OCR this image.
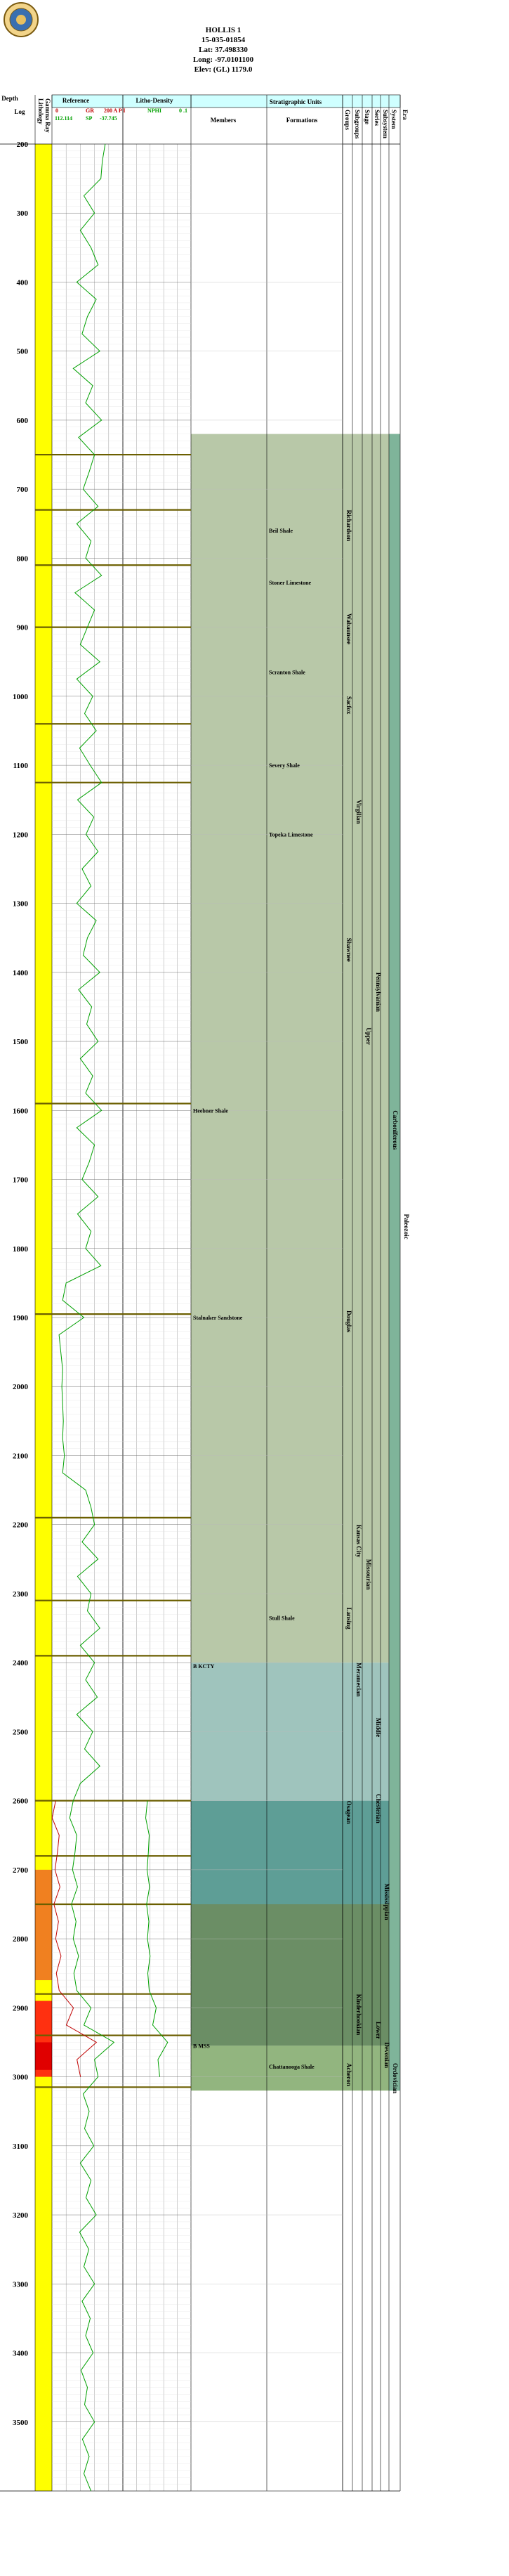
HOLLIS 1
15-035-01854
Lat: 37.498330
Long: -97.0101100
Elev: (GL) 1179.0
Depth
Log
Reference	Litho-Density	Stratigraphic Units
Members	Formations
0	GR 200 A P I
112.114 SP -37.745
NPHI	0 .1
Lithology Gamma Ray	Groups Subgroups Stage Series Subsystem System Era
200
300
400
500
600
700
800
900
1000
1100
1200
1300
1400
1500
1600
1700
1800
1900
2000
2100
2200
2300
2400
2500
2600
2700
2800
2900
3000
3100
3200
3300
3400
3500
Beil Shale
Heebner Shale
Stalnaker Sandstone
Stull Shale
B KCTY
B MSS
Chattanooga Shale
Stoner Limestone
Scranton Shale
Severy Shale
Topeka Limestone
Richardson
Wabaunsee
Sacfox
Virgilian
Shawnee
Douglas
Kansas City
Lansing
Osagean
Meramecian
Kinderhookian
Acheron
Upper
Pennsylvanian
Missourian
Middle
Chesterian
Mississippian
Lower
Devonian
Carboniferous
Ordovician
Paleozoic
